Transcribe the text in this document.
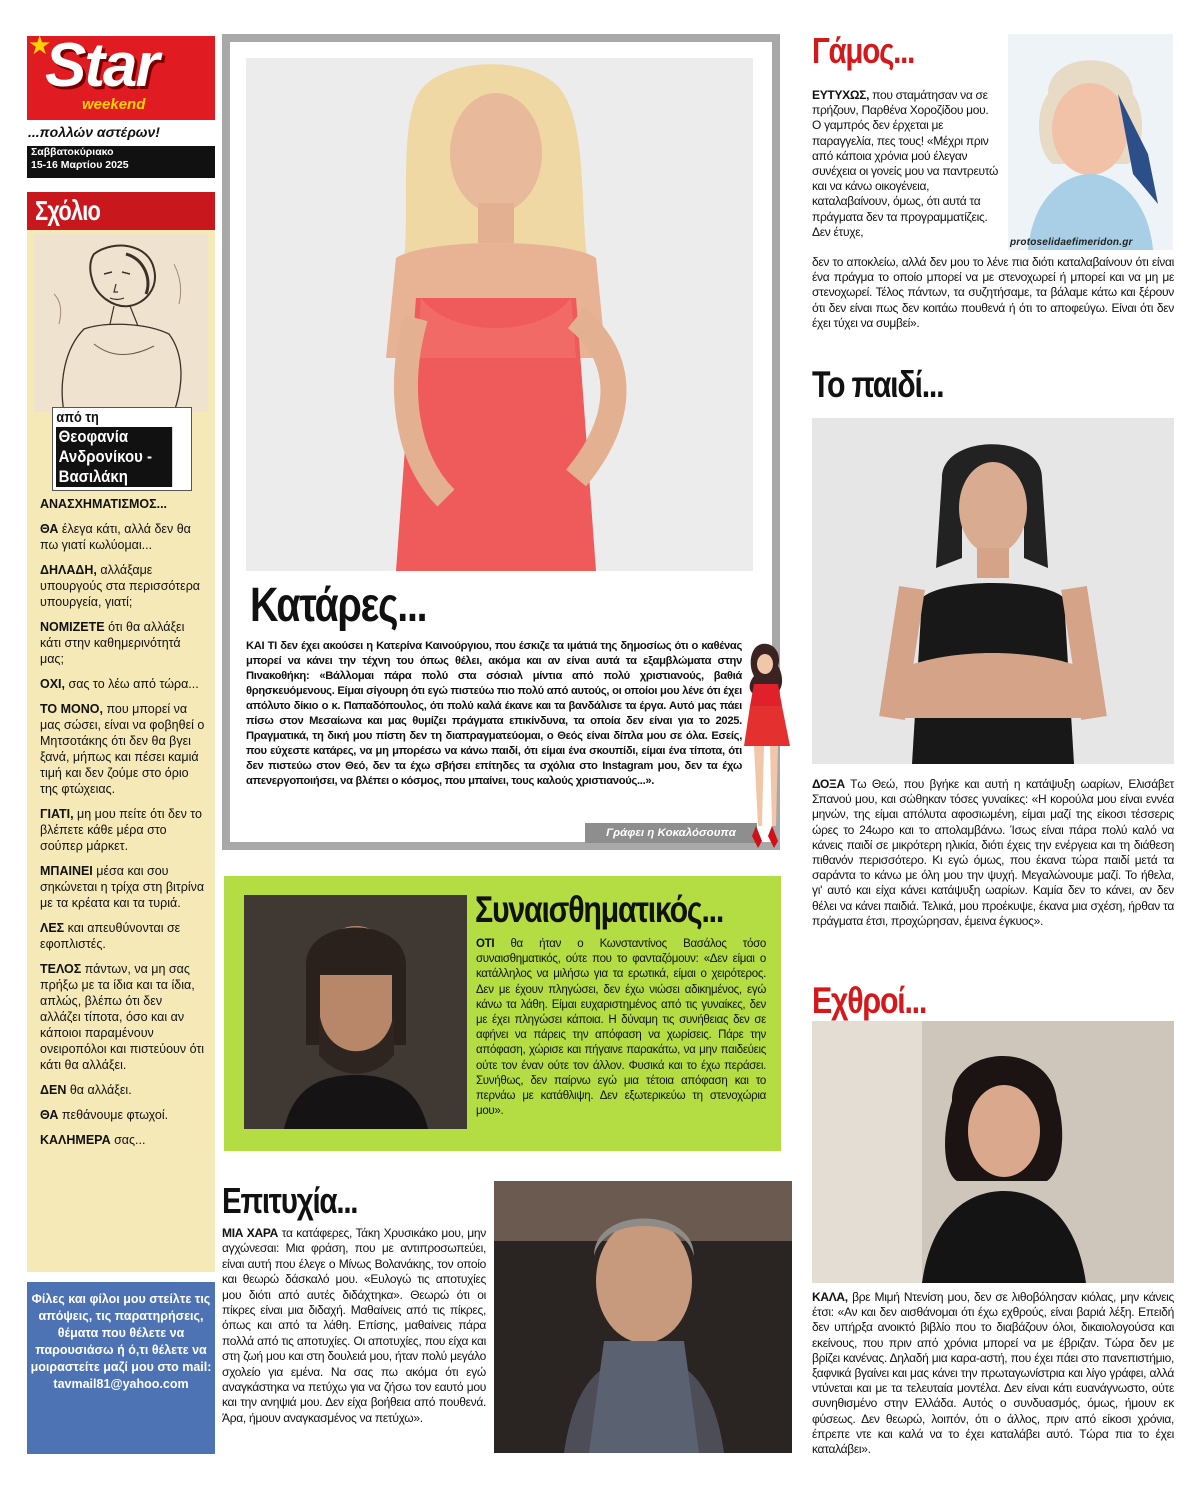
★
Star
weekend
...πολλών αστέρων!
Σαββατοκύριακο
15-16 Μαρτίου 2025
Σχόλιο
από τη
Θεοφανία Ανδρονίκου - Βασιλάκη

ΑΝΑΣΧΗΜΑΤΙΣΜΟΣ...

ΘΑ έλεγα κάτι, αλλά δεν θα πω γιατί κωλύομαι...

ΔΗΛΑΔΗ, αλλάξαμε υπουργούς στα περισσότερα υπουργεία, γιατί;

ΝΟΜΙΖΕΤΕ ότι θα αλλάξει κάτι στην καθημερινότητά μας;

ΟΧΙ, σας το λέω από τώρα...

ΤΟ ΜΟΝΟ, που μπορεί να μας σώσει, είναι να φοβηθεί ο Μητσοτάκης ότι δεν θα βγει ξανά, μήπως και πέσει καμιά τιμή και δεν ζούμε στο όριο της φτώχειας.

ΓΙΑΤΙ, μη μου πείτε ότι δεν το βλέπετε κάθε μέρα στο σούπερ μάρκετ.

ΜΠΑΙΝΕΙ μέσα και σου σηκώνεται η τρίχα στη βιτρίνα με τα κρέατα και τα τυριά.

ΛΕΣ και απευθύνονται σε εφοπλιστές.

ΤΕΛΟΣ πάντων, να μη σας πρήξω με τα ίδια και τα ίδια, απλώς, βλέπω ότι δεν αλλάζει τίποτα, όσο και αν κάποιοι παραμένουν ονειροπόλοι και πιστεύουν ότι κάτι θα αλλάξει.

ΔΕΝ θα αλλάξει.

ΘΑ πεθάνουμε φτωχοί.

ΚΑΛΗΜΕΡΑ σας...

Φίλες και φίλοι μου στείλτε τις απόψεις, τις παρατηρήσεις, θέματα που θέλετε να παρουσιάσω ή ό,τι θέλετε να μοιραστείτε μαζί μου στο mail: tavmail81@yahoo.com

Κατάρες...
ΚΑΙ ΤΙ δεν έχει ακούσει η Κατερίνα Καινούργιου, που έσκιζε τα ιμάτιά της δημοσίως ότι ο καθένας μπορεί να κάνει την τέχνη του όπως θέλει, ακόμα και αν είναι αυτά τα εξαμβλώματα στην Πινακοθήκη: «Βάλλομαι πάρα πολύ στα σόσιαλ μίντια από πολύ χριστιανούς, βαθιά θρησκευόμενους. Είμαι σίγουρη ότι εγώ πιστεύω πιο πολύ από αυτούς, οι οποίοι μου λένε ότι έχει απόλυτο δίκιο ο κ. Παπαδόπουλος, ότι πολύ καλά έκανε και τα βανδάλισε τα έργα. Αυτό μας πάει πίσω στον Μεσαίωνα και μας θυμίζει πράγματα επικίνδυνα, τα οποία δεν είναι για το 2025. Πραγματικά, τη δική μου πίστη δεν τη διαπραγματεύομαι, ο Θεός είναι δίπλα μου σε όλα. Εσείς, που εύχεστε κατάρες, να μη μπορέσω να κάνω παιδί, ότι είμαι ένα σκουπίδι, είμαι ένα τίποτα, ότι δεν πιστεύω στον Θεό, δεν τα έχω σβήσει επίτηδες τα σχόλια στο Instagram μου, δεν τα έχω απενεργοποιήσει, να βλέπει ο κόσμος, που μπαίνει, τους καλούς χριστιανούς...».
Γράφει η Κοκαλόσουπα
Συναισθηματικός...
ΟΤΙ θα ήταν ο Κωνσταντίνος Βασάλος τόσο συναισθηματικός, ούτε που το φανταζόμουν: «Δεν είμαι ο κατάλληλος να μιλήσω για τα ερωτικά, είμαι ο χειρότερος. Δεν με έχουν πληγώσει, δεν έχω νιώσει αδικημένος, εγώ κάνω τα λάθη. Είμαι ευχαριστημένος από τις γυναίκες, δεν με έχει πληγώσει κάποια. Η δύναμη τις συνήθειας δεν σε αφήνει να πάρεις την απόφαση να χωρίσεις. Πάρε την απόφαση, χώρισε και πήγαινε παρακάτω, να μην παιδεύεις ούτε τον έναν ούτε τον άλλον. Φυσικά και το έχω περάσει. Συνήθως, δεν παίρνω εγώ μια τέτοια απόφαση και το περνάω με κατάθλιψη. Δεν εξωτερικεύω τη στενοχώρια μου».
Επιτυχία...
ΜΙΑ ΧΑΡΑ τα κατάφερες, Τάκη Χρυσικάκο μου, μην αγχώνεσαι: Μια φράση, που με αντιπροσωπεύει, είναι αυτή που έλεγε ο Μίνως Βολανάκης, τον οποίο και θεωρώ δάσκαλό μου. «Ευλογώ τις αποτυχίες μου διότι από αυτές διδάχτηκα». Θεωρώ ότι οι πίκρες είναι μια διδαχή. Μαθαίνεις από τις πίκρες, όπως και από τα λάθη. Επίσης, μαθαίνεις πάρα πολλά από τις αποτυχίες. Οι αποτυχίες, που είχα και στη ζωή μου και στη δουλειά μου, ήταν πολύ μεγάλο σχολείο για εμένα. Να σας πω ακόμα ότι εγώ αναγκάστηκα να πετύχω για να ζήσω τον εαυτό μου και την ανηψιά μου. Δεν είχα βοήθεια από πουθενά. Άρα, ήμουν αναγκασμένος να πετύχω».
Γάμος...
protoselidaefimeridon.gr
ΕΥΤΥΧΩΣ, που σταμάτησαν να σε πρήζουν, Παρθένα Χοροζίδου μου. Ο γαμπρός δεν έρχεται με παραγγελία, πες τους! «Μέχρι πριν από κάποια χρόνια μού έλεγαν συνέχεια οι γονείς μου να παντρευτώ και να κάνω οικογένεια, καταλαβαίνουν, όμως, ότι αυτά τα πράγματα δεν τα προγραμματίζεις. Δεν έτυχε,
δεν το αποκλείω, αλλά δεν μου το λένε πια διότι καταλαβαίνουν ότι είναι ένα πράγμα το οποίο μπορεί να με στενοχωρεί ή μπορεί και να μη με στενοχωρεί. Τέλος πάντων, τα συζητήσαμε, τα βάλαμε κάτω και ξέρουν ότι δεν είναι πως δεν κοιτάω πουθενά ή ότι το αποφεύγω. Είναι ότι δεν έχει τύχει να συμβεί».
Το παιδί...
ΔΟΞΑ Τω Θεώ, που βγήκε και αυτή η κατάψυξη ωαρίων, Ελισάβετ Σπανού μου, και σώθηκαν τόσες γυναίκες: «Η κορούλα μου είναι εννέα μηνών, της είμαι απόλυτα αφοσιωμένη, είμαι μαζί της είκοσι τέσσερις ώρες το 24ωρο και το απολαμβάνω. Ίσως είναι πάρα πολύ καλό να κάνεις παιδί σε μικρότερη ηλικία, διότι έχεις την ενέργεια και τη διάθεση πιθανόν περισσότερο. Κι εγώ όμως, που έκανα τώρα παιδί μετά τα σαράντα το κάνω με όλη μου την ψυχή. Μεγαλώνουμε μαζί. Το ήθελα, γι' αυτό και είχα κάνει κατάψυξη ωαρίων. Καμία δεν το κάνει, αν δεν θέλει να κάνει παιδιά. Τελικά, μου προέκυψε, έκανα μια σχέση, ήρθαν τα πράγματα έτσι, προχώρησαν, έμεινα έγκυος».
Εχθροί...
ΚΑΛΑ, βρε Μιμή Ντενίση μου, δεν σε λιθοβόλησαν κιόλας, μην κάνεις έτσι: «Αν και δεν αισθάνομαι ότι έχω εχθρούς, είναι βαριά λέξη. Επειδή δεν υπήρξα ανοικτό βιβλίο που το διαβάζουν όλοι, δικαιολογούσα και εκείνους, που πριν από χρόνια μπορεί να με έβριζαν. Τώρα δεν με βρίζει κανένας. Δηλαδή μια καρα-αστή, που έχει πάει στο πανεπιστήμιο, ξαφνικά βγαίνει και μας κάνει την πρωταγωνίστρια και λίγο γράφει, αλλά ντύνεται και με τα τελευταία μοντέλα. Δεν είναι κάτι ευανάγνωστο, ούτε συνηθισμένο στην Ελλάδα. Αυτός ο συνδυασμός, όμως, ήμουν εκ φύσεως. Δεν θεωρώ, λοιπόν, ότι ο άλλος, πριν από είκοσι χρόνια, έπρεπε ντε και καλά να το έχει καταλάβει αυτό. Τώρα πια το έχει καταλάβει».
